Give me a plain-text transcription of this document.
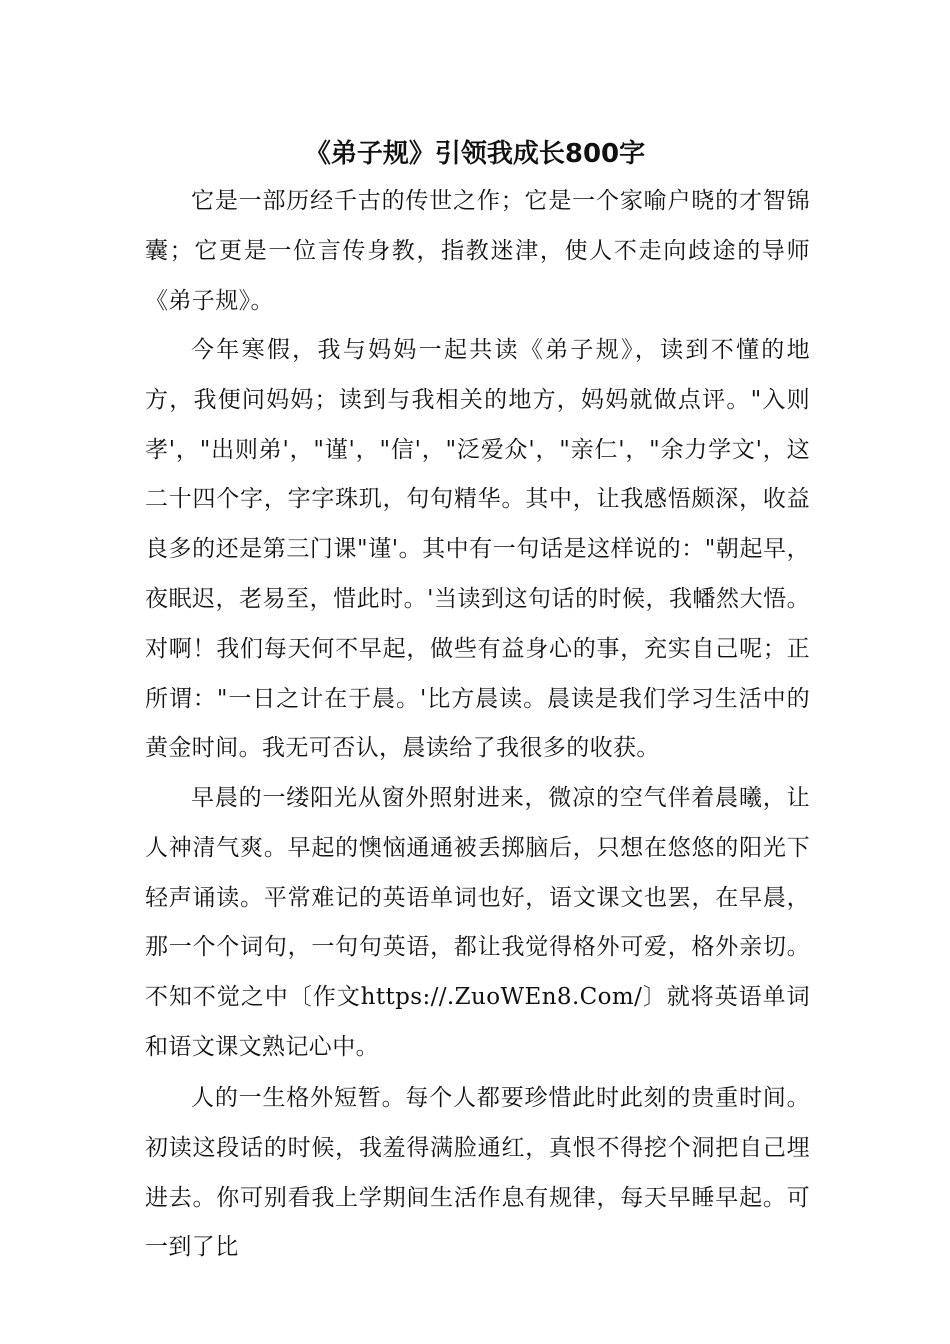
《弟子规》引领我成长800字

它是一部历经千古的传世之作；它是一个家喻户晓的才智锦囊；它更是一位言传身教，指教迷津，使人不走向歧途的导师《弟子规》。

今年寒假，我与妈妈一起共读《弟子规》，读到不懂的地方，我便问妈妈；读到与我相关的地方，妈妈就做点评。"入则孝'，"出则弟'，"谨'，"信'，"泛爱众'，"亲仁'，"余力学文'，这二十四个字，字字珠玑，句句精华。其中，让我感悟颇深，收益良多的还是第三门课"谨'。其中有一句话是这样说的："朝起早，夜眠迟，老易至，惜此时。'当读到这句话的时候，我幡然大悟。对啊！我们每天何不早起，做些有益身心的事，充实自己呢；正所谓："一日之计在于晨。'比方晨读。晨读是我们学习生活中的黄金时间。我无可否认，晨读给了我很多的收获。

早晨的一缕阳光从窗外照射进来，微凉的空气伴着晨曦，让人神清气爽。早起的懊恼通通被丢掷脑后，只想在悠悠的阳光下轻声诵读。平常难记的英语单词也好，语文课文也罢，在早晨，那一个个词句，一句句英语，都让我觉得格外可爱，格外亲切。不知不觉之中〔作文https://.ZuoWEn8.Com/〕就将英语单词和语文课文熟记心中。

人的一生格外短暂。每个人都要珍惜此时此刻的贵重时间。初读这段话的时候，我羞得满脸通红，真恨不得挖个洞把自己埋进去。你可别看我上学期间生活作息有规律，每天早睡早起。可一到了比
